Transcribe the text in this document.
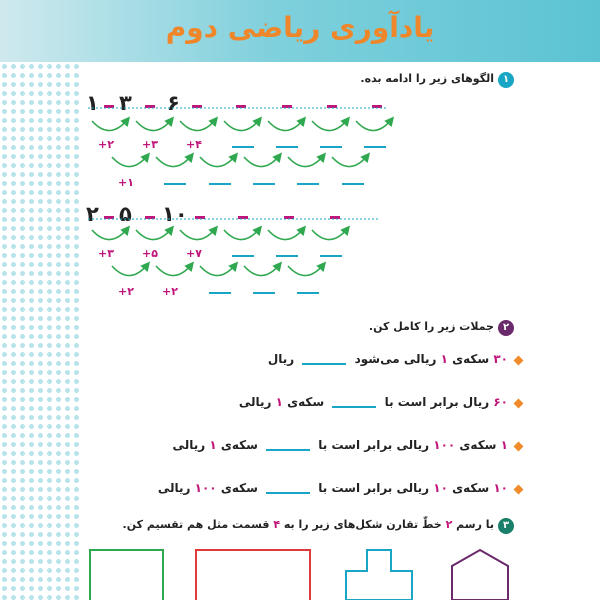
یادآوری ریاضی دوم
۱
الگوهای زیر را ادامه بده.
۱ ۳ ۶
+۲	+۳	+۴
+۱
۲ ۵ ۱۰
+۳	+۵	+۷
+۲	+۲
۲
جملات زیر را کامل کن.
۳۰ سکه‌ی ۱ ریالی می‌شود  ریال
۶۰ ریال برابر است با  سکه‌ی ۱ ریالی
۱ سکه‌ی ۱۰۰ ریالی برابر است با  سکه‌ی ۱ ریالی
۱۰ سکه‌ی ۱۰ ریالی برابر است با  سکه‌ی ۱۰۰ ریالی
۳
با رسم ۲ خطّ تقارن شکل‌های زیر را به ۴ قسمت مثل هم تقسیم کن.
